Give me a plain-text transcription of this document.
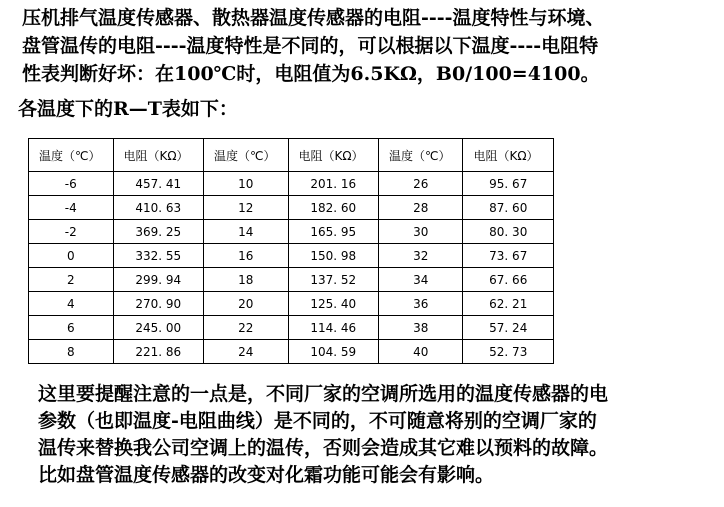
压机排气温度传感器、散热器温度传感器的电阻----温度特性与环境、
盘管温传的电阻----温度特性是不同的，可以根据以下温度----电阻特
性表判断好坏：在100℃时，电阻值为6.5KΩ，B0/100=4100。
各温度下的R—T表如下：
温度（℃）	电阻（KΩ）	温度（℃）	电阻（KΩ）	温度（℃）	电阻（KΩ）
-6	457. 41	10	201. 16	26	95. 67
-4	410. 63	12	182. 60	28	87. 60
-2	369. 25	14	165. 95	30	80. 30
0	332. 55	16	150. 98	32	73. 67
2	299. 94	18	137. 52	34	67. 66
4	270. 90	20	125. 40	36	62. 21
6	245. 00	22	114. 46	38	57. 24
8	221. 86	24	104. 59	40	52. 73
这里要提醒注意的一点是，不同厂家的空调所选用的温度传感器的电
参数（也即温度-电阻曲线）是不同的，不可随意将别的空调厂家的
温传来替换我公司空调上的温传，否则会造成其它难以预料的故障。
比如盘管温度传感器的改变对化霜功能可能会有影响。
